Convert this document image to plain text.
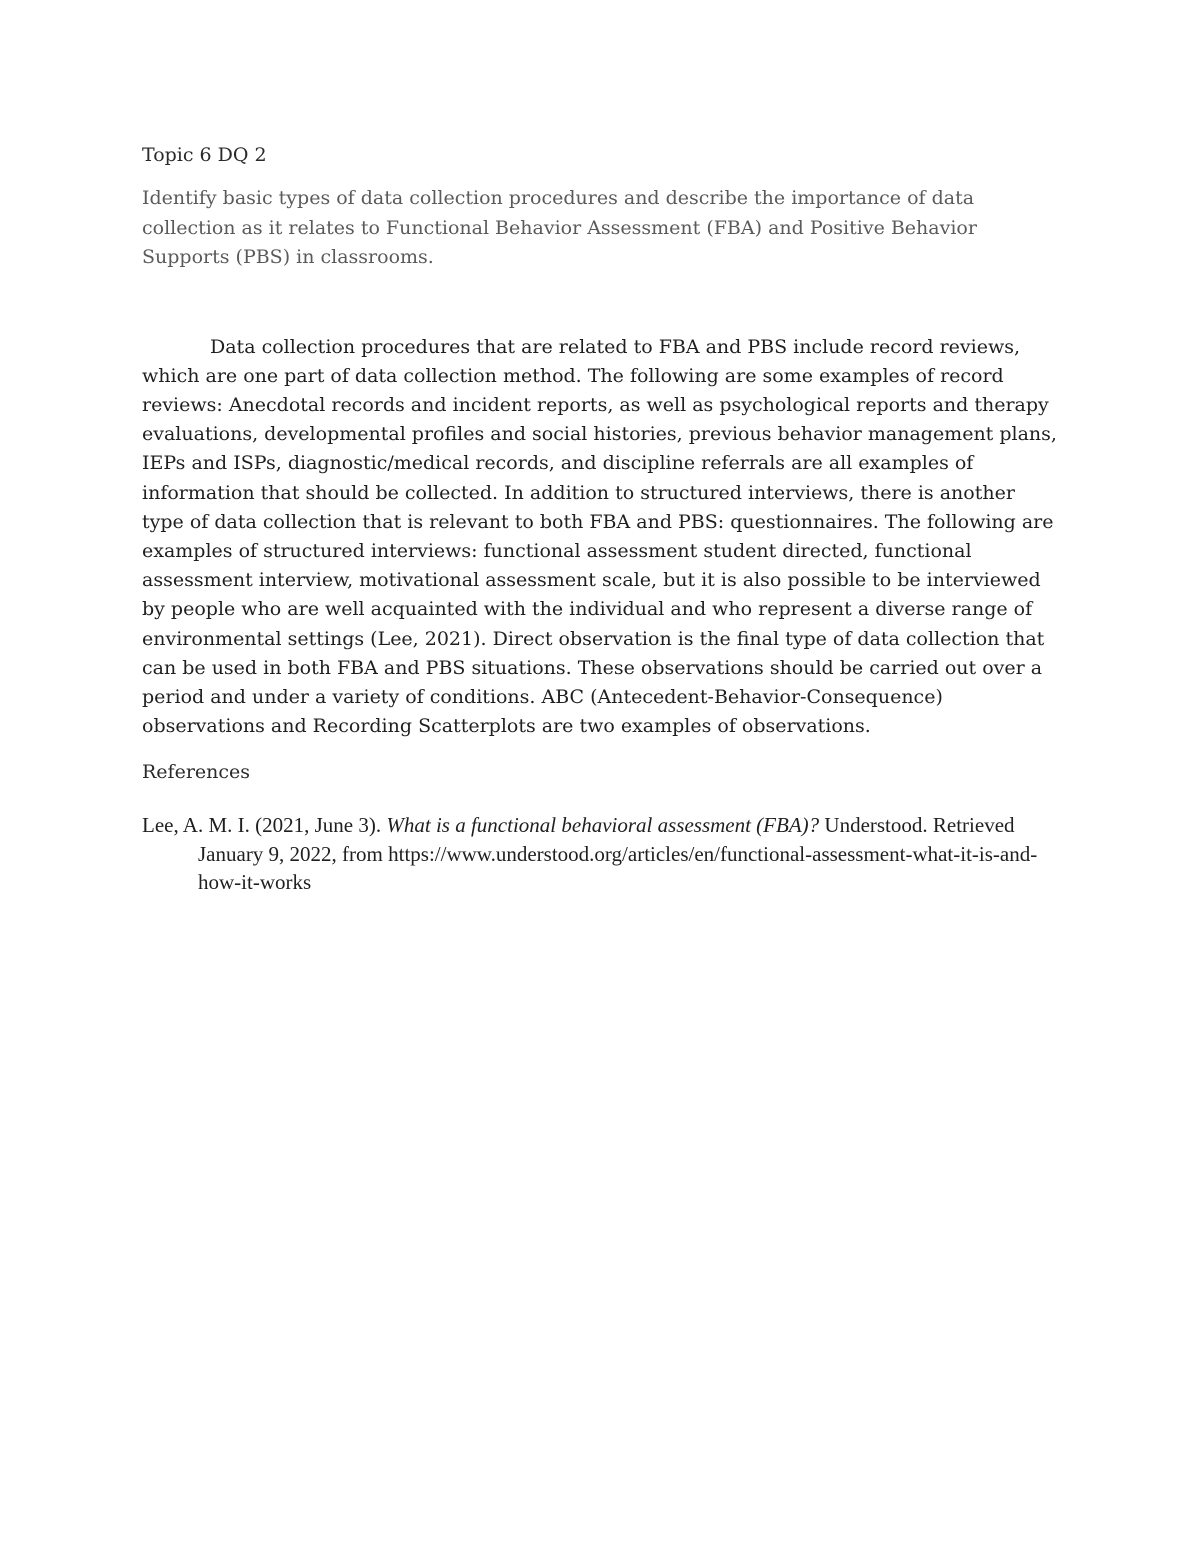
Topic 6 DQ 2

Identify basic types of data collection procedures and describe the importance of data collection as it relates to Functional Behavior Assessment (FBA) and Positive Behavior Supports (PBS) in classrooms.

Data collection procedures that are related to FBA and PBS include record reviews, which are one part of data collection method. The following are some examples of record reviews: Anecdotal records and incident reports, as well as psychological reports and therapy evaluations, developmental profiles and social histories, previous behavior management plans, IEPs and ISPs, diagnostic/medical records, and discipline referrals are all examples of information that should be collected. In addition to structured interviews, there is another type of data collection that is relevant to both FBA and PBS: questionnaires. The following are examples of structured interviews: functional assessment student directed, functional assessment interview, motivational assessment scale, but it is also possible to be interviewed by people who are well acquainted with the individual and who represent a diverse range of environmental settings (Lee, 2021). Direct observation is the final type of data collection that can be used in both FBA and PBS situations. These observations should be carried out over a period and under a variety of conditions. ABC (Antecedent-Behavior-Consequence) observations and Recording Scatterplots are two examples of observations.

References

Lee, A. M. I. (2021, June 3). What is a functional behavioral assessment (FBA)? Understood. Retrieved January 9, 2022, from https://www.understood.org/articles/en/functional-assessment-what-it-is-and-how-it-works
